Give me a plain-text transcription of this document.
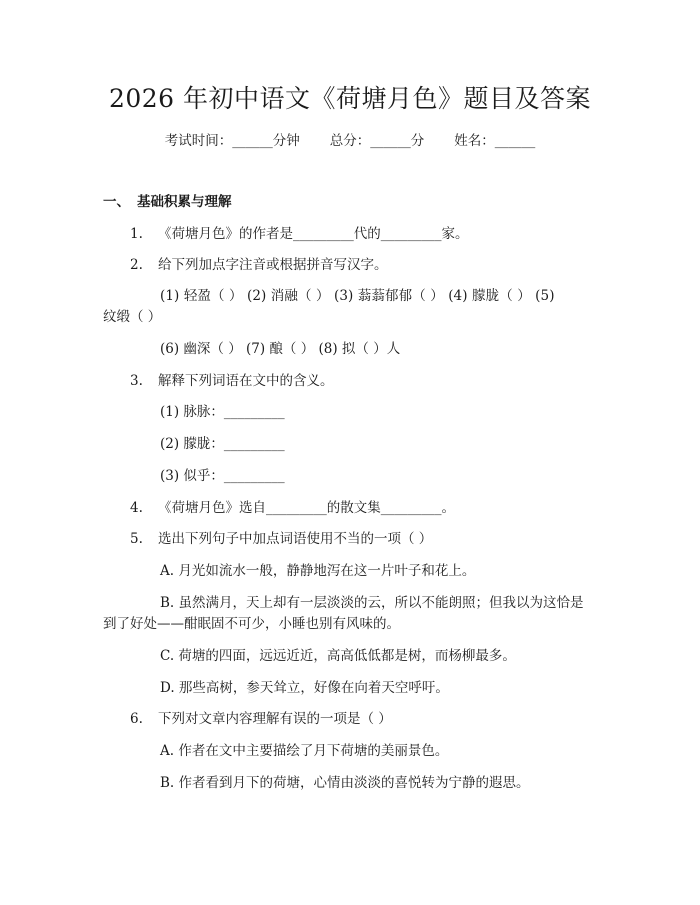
2026 年初中语文《荷塘月色》题目及答案
考试时间：______分钟 总分：______分 姓名：______
一、 基础积累与理解
1. 《荷塘月色》的作者是_________代的_________家。
2. 给下列加点字注音或根据拼音写汉字。
(1) 轻盈（ ） (2) 消融（ ） (3) 蓊蓊郁郁（ ） (4) 朦胧（ ） (5)
纹缎（ ）
(6) 幽深（ ） (7) 酿（ ） (8) 拟（ ）人
3. 解释下列词语在文中的含义。
(1) 脉脉：_________
(2) 朦胧：_________
(3) 似乎：_________
4. 《荷塘月色》选自_________的散文集_________。
5. 选出下列句子中加点词语使用不当的一项（ ）
A. 月光如流水一般，静静地泻在这一片叶子和花上。
B. 虽然满月，天上却有一层淡淡的云，所以不能朗照；但我以为这恰是
到了好处——酣眠固不可少，小睡也别有风味的。
C. 荷塘的四面，远远近近，高高低低都是树，而杨柳最多。
D. 那些高树，参天耸立，好像在向着天空呼吁。
6. 下列对文章内容理解有误的一项是（ ）
A. 作者在文中主要描绘了月下荷塘的美丽景色。
B. 作者看到月下的荷塘，心情由淡淡的喜悦转为宁静的遐思。
